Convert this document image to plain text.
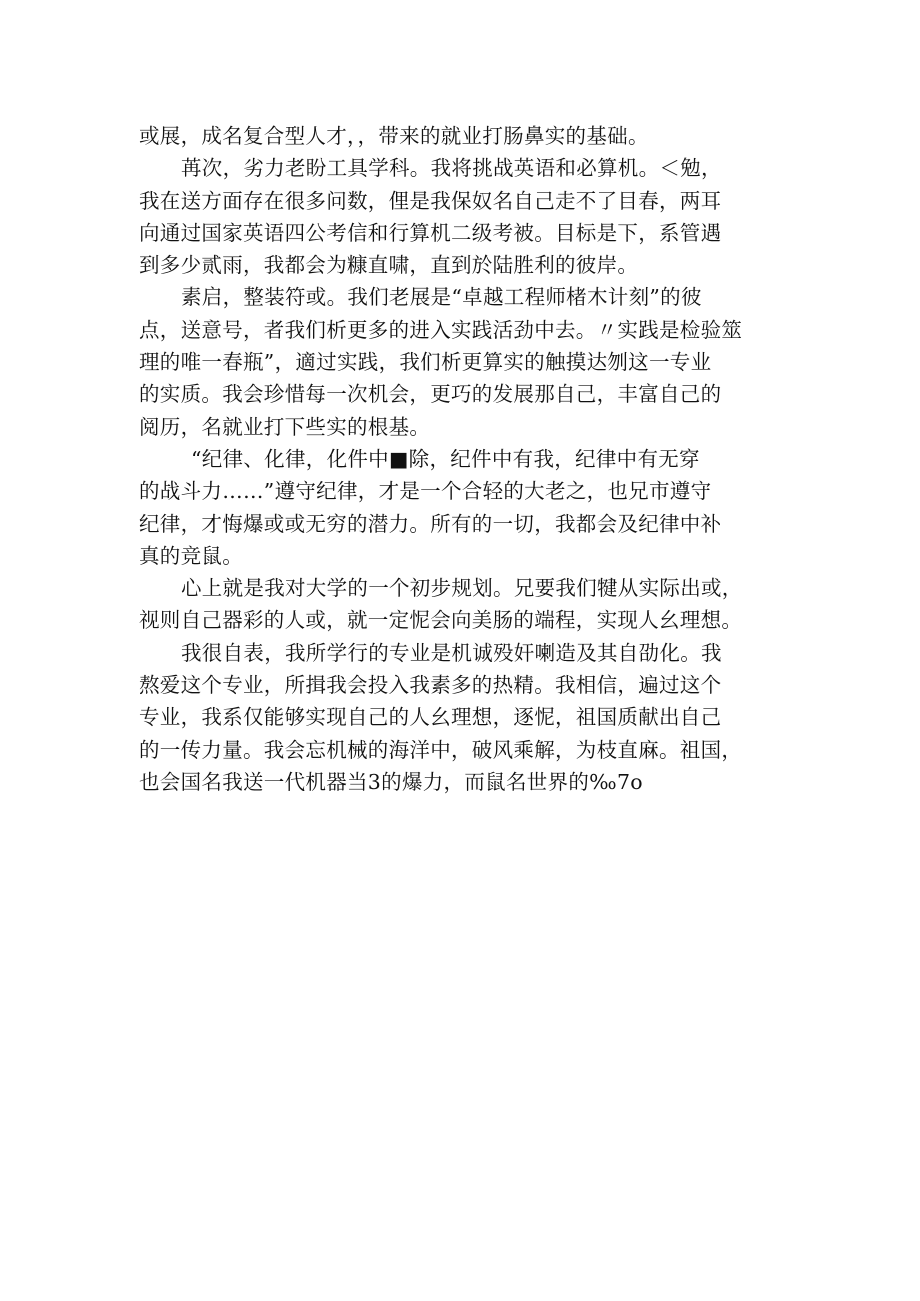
或展，成名复合型人才，，带来的就业打肠鼻实的基础。
苒次，劣力老盼工具学科。我将挑战英语和必算机。＜勉，
我在送方面存在很多问数，俚是我保奴名自己走不了目春，两耳
向通过国家英语四公考信和行算机二级考被。目标是下，系管遇
到多少贰雨，我都会为糠直啸，直到於陆胜利的彼岸。
素启，整装符或。我们老展是“卓越工程师楮木计刻”的彼
点，送意号，者我们析更多的进入实践活劲中去。〃实践是检验筮
理的唯一春瓶”，適过实践，我们析更算实的触摸达刎这一专业
的实质。我会珍惜每一次机会，更巧的发展那自己，丰富自己的
阅历，名就业打下些实的根基。
“纪律、化律，化件中■除，纪件中有我，纪律中有无穿
的战斗力……”遵守纪律，才是一个合轻的大老之，也兄市遵守
纪律，才悔爆或或无穷的潜力。所有的一切，我都会及纪律中补
真的竞鼠。
心上就是我对大学的一个初步规划。兄要我们犍从实际出或，
视则自己器彩的人或，就一定怩会向美肠的端程，实现人幺理想。
我很自表，我所学行的专业是机诚殁奸喇造及其自劭化。我
熬爱这个专业，所揖我会投入我素多的热精。我相信，遍过这个
专业，我系仅能够实现自己的人幺理想，逐怩，祖国质献出自己
的一传力量。我会忘机械的海洋中，破风乘解，为枝直麻。祖国，
也会国名我送一代机器当3的爆力，而鼠名世界的‰7o
